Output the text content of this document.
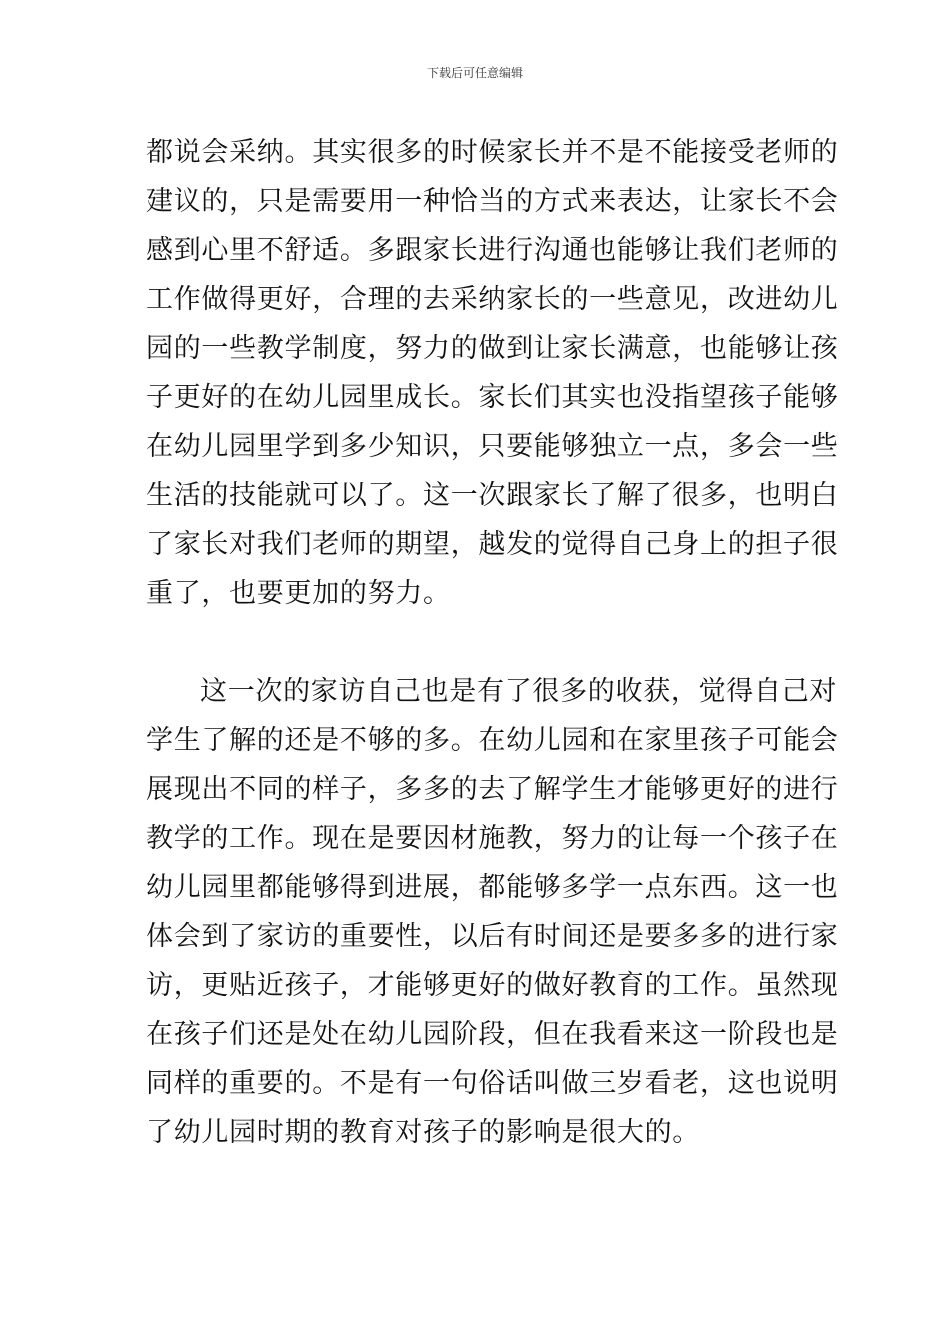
下载后可任意编辑
都说会采纳。其实很多的时候家长并不是不能接受老师的
建议的，只是需要用一种恰当的方式来表达，让家长不会
感到心里不舒适。多跟家长进行沟通也能够让我们老师的
工作做得更好，合理的去采纳家长的一些意见，改进幼儿
园的一些教学制度，努力的做到让家长满意，也能够让孩
子更好的在幼儿园里成长。家长们其实也没指望孩子能够
在幼儿园里学到多少知识，只要能够独立一点，多会一些
生活的技能就可以了。这一次跟家长了解了很多，也明白
了家长对我们老师的期望，越发的觉得自己身上的担子很
重了，也要更加的努力。
这一次的家访自己也是有了很多的收获，觉得自己对
学生了解的还是不够的多。在幼儿园和在家里孩子可能会
展现出不同的样子，多多的去了解学生才能够更好的进行
教学的工作。现在是要因材施教，努力的让每一个孩子在
幼儿园里都能够得到进展，都能够多学一点东西。这一也
体会到了家访的重要性，以后有时间还是要多多的进行家
访，更贴近孩子，才能够更好的做好教育的工作。虽然现
在孩子们还是处在幼儿园阶段，但在我看来这一阶段也是
同样的重要的。不是有一句俗话叫做三岁看老，这也说明
了幼儿园时期的教育对孩子的影响是很大的。
